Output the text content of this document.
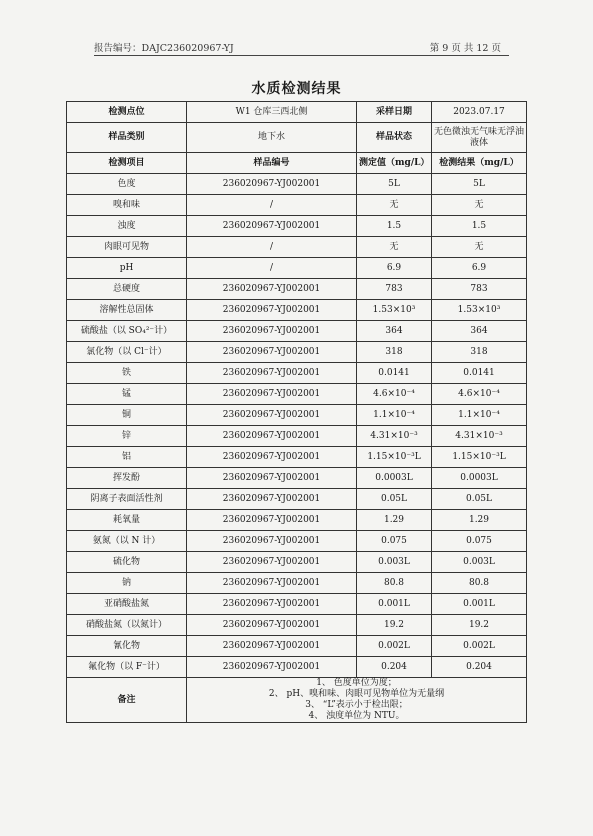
报告编号：DAJC236020967-YJ	第 9 页 共 12 页
水质检测结果
检测点位	W1 仓库三西北侧	采样日期	2023.07.17
样品类别	地下水	样品状态	无色微浊无气味无浮油液体
检测项目	样品编号	测定值（mg/L）	检测结果（mg/L）
色度	236020967-YJ002001	5L	5L
嗅和味	/	无	无
浊度	236020967-YJ002001	1.5	1.5
肉眼可见物	/	无	无
pH	/	6.9	6.9
总硬度	236020967-YJ002001	783	783
溶解性总固体	236020967-YJ002001	1.53×10³	1.53×10³
硫酸盐（以 SO₄²⁻计）	236020967-YJ002001	364	364
氯化物（以 Cl⁻计）	236020967-YJ002001	318	318
铁	236020967-YJ002001	0.0141	0.0141
锰	236020967-YJ002001	4.6×10⁻⁴	4.6×10⁻⁴
铜	236020967-YJ002001	1.1×10⁻⁴	1.1×10⁻⁴
锌	236020967-YJ002001	4.31×10⁻³	4.31×10⁻³
铝	236020967-YJ002001	1.15×10⁻³L	1.15×10⁻³L
挥发酚	236020967-YJ002001	0.0003L	0.0003L
阴离子表面活性剂	236020967-YJ002001	0.05L	0.05L
耗氧量	236020967-YJ002001	1.29	1.29
氨氮（以 N 计）	236020967-YJ002001	0.075	0.075
硫化物	236020967-YJ002001	0.003L	0.003L
钠	236020967-YJ002001	80.8	80.8
亚硝酸盐氮	236020967-YJ002001	0.001L	0.001L
硝酸盐氮（以氮计）	236020967-YJ002001	19.2	19.2
氰化物	236020967-YJ002001	0.002L	0.002L
氟化物（以 F⁻计）	236020967-YJ002001	0.204	0.204
备注	1、 色度单位为度；
2、 pH、嗅和味、肉眼可见物单位为无量纲
3、 “L”表示小于检出限；
4、 浊度单位为 NTU。		
